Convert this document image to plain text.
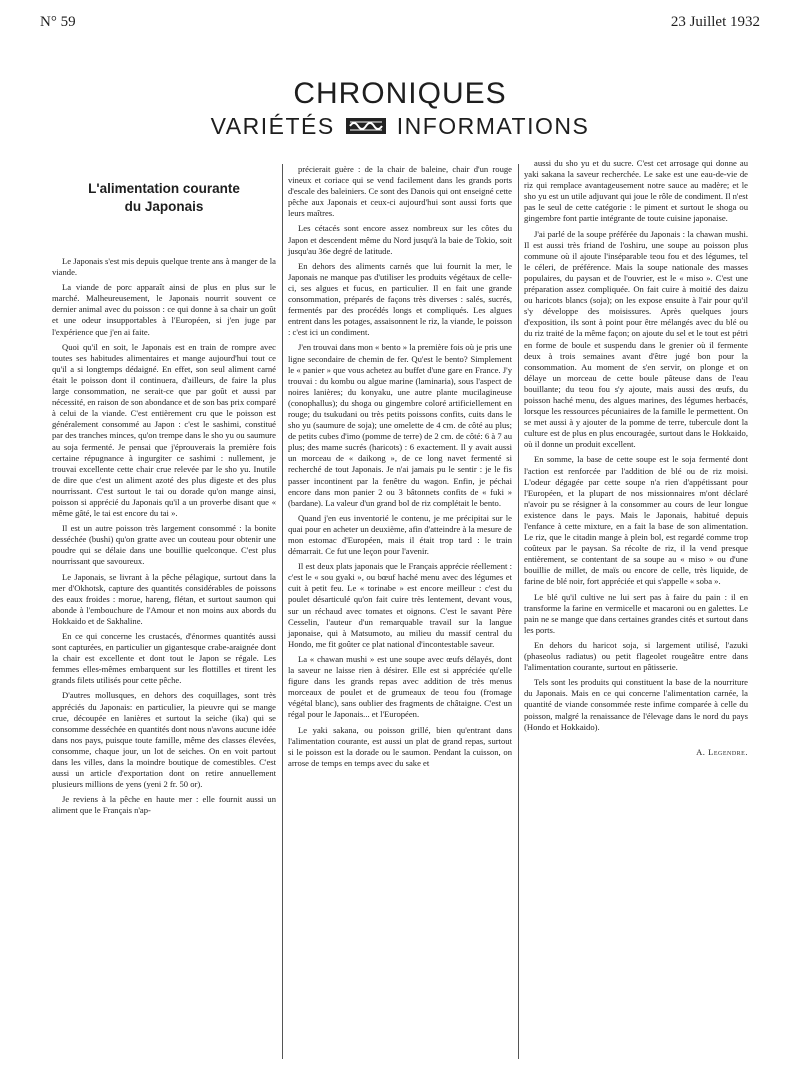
N° 59	23 Juillet 1932
CHRONIQUES
VARIÉTÉS	INFORMATIONS
L'alimentation courante
du Japonais

Le Japonais s'est mis depuis quelque trente ans à manger de la viande.

La viande de porc apparaît ainsi de plus en plus sur le marché. Malheureusement, le Japonais nourrit souvent ce dernier animal avec du poisson : ce qui donne à sa chair un goût et une odeur insupportables à l'Européen, si j'en juge par l'expérience que j'en ai faite.

Quoi qu'il en soit, le Japonais est en train de rompre avec toutes ses habitudes alimentaires et mange aujourd'hui tout ce qu'il a si longtemps dédaigné. En effet, son seul aliment carné était le poisson dont il continuera, d'ailleurs, de faire la plus large consommation, ne serait-ce que par goût et aussi par nécessité, en raison de son abondance et de son bas prix comparé à celui de la viande. C'est entièrement cru que le poisson est généralement consommé au Japon : c'est le sashimi, constitué par des tranches minces, qu'on trempe dans le sho yu ou saumure au soja fermenté. Je pensai que j'éprouverais la première fois certaine répugnance à ingurgiter ce sashimi : nullement, je trouvai excellente cette chair crue relevée par le sho yu. Inutile de dire que c'est un aliment azoté des plus digeste et des plus nourrissant. C'est surtout le tai ou dorade qu'on mange ainsi, poisson si apprécié du Japonais qu'il a un proverbe disant que « même gâté, le tai est encore du tai ».

Il est un autre poisson très largement consommé : la bonite desséchée (bushi) qu'on gratte avec un couteau pour obtenir une poudre qui se délaie dans une bouillie quelconque. C'est plus nourrissant que savoureux.

Le Japonais, se livrant à la pêche pélagique, surtout dans la mer d'Okhotsk, capture des quantités considérables de poissons des eaux froides : morue, hareng, flétan, et surtout saumon qui abonde à l'embouchure de l'Amour et non moins aux abords du Hokkaido et de Sakhaline.

En ce qui concerne les crustacés, d'énormes quantités aussi sont capturées, en particulier un gigantesque crabe-araignée dont la chair est excellente et dont tout le Japon se régale. Les femmes elles-mêmes embarquent sur les flottilles et tirent les grands filets utilisés pour cette pêche.

D'autres mollusques, en dehors des coquillages, sont très appréciés du Japonais: en particulier, la pieuvre qui se mange crue, découpée en lanières et surtout la seiche (ika) qui se consomme desséchée en quantités dont nous n'avons aucune idée dans nos pays, puisque toute famille, même des classes élevées, consomme, chaque jour, un lot de seiches. On en voit partout dans les villes, dans la moindre boutique de comestibles. C'est aussi un article d'exportation dont on retire annuellement plusieurs millions de yens (yeni 2 fr. 50 or).

Je reviens à la pêche en haute mer : elle fournit aussi un aliment que le Français n'ap-

précierait guère : de la chair de baleine, chair d'un rouge vineux et coriace qui se vend facilement dans les grands ports d'escale des baleiniers. Ce sont des Danois qui ont enseigné cette pêche aux Japonais et ceux-ci aujourd'hui sont aussi forts que leurs maîtres.

Les cétacés sont encore assez nombreux sur les côtes du Japon et descendent même du Nord jusqu'à la baie de Tokio, soit jusqu'au 36e degré de latitude.

En dehors des aliments carnés que lui fournit la mer, le Japonais ne manque pas d'utiliser les produits végétaux de celle-ci, ses algues et fucus, en particulier. Il en fait une grande consommation, préparés de façons très diverses : salés, sucrés, fermentés par des procédés longs et compliqués. Les algues entrent dans les potages, assaisonnent le riz, la viande, le poisson : c'est ici un condiment.

J'en trouvai dans mon « bento » la première fois où je pris une ligne secondaire de chemin de fer. Qu'est le bento? Simplement le « panier » que vous achetez au buffet d'une gare en France. J'y trouvai : du kombu ou algue marine (laminaria), sous l'aspect de noires lanières; du konyaku, une autre plante mucilagineuse (conophallus); du shoga ou gingembre coloré artificiellement en rouge; du tsukudani ou très petits poissons confits, cuits dans le sho yu (saumure de soja); une omelette de 4 cm. de côté au plus; de petits cubes d'imo (pomme de terre) de 2 cm. de côté: 6 à 7 au plus; des mame sucrés (haricots) : 6 exactement. Il y avait aussi un morceau de « daikong », de ce long navet fermenté si recherché de tout Japonais. Je n'ai jamais pu le sentir : je le fis passer incontinent par la fenêtre du wagon. Enfin, je péchai encore dans mon panier 2 ou 3 bâtonnets confits de « fuki » (bardane). La valeur d'un grand bol de riz complétait le bento.

Quand j'en eus inventorié le contenu, je me précipitai sur le quai pour en acheter un deuxième, afin d'atteindre à la mesure de mon estomac d'Européen, mais il était trop tard : le train démarrait. Ce fut une leçon pour l'avenir.

Il est deux plats japonais que le Français apprécie réellement : c'est le « sou gyaki », ou bœuf haché menu avec des légumes et cuit à petit feu. Le « torinabe » est encore meilleur : c'est du poulet désarticulé qu'on fait cuire très lentement, devant vous, sur un réchaud avec tomates et oignons. C'est le savant Père Cesselin, l'auteur d'un remarquable travail sur la langue japonaise, qui à Matsumoto, au milieu du massif central du Hondo, me fit goûter ce plat national d'incontestable saveur.

La « chawan mushi » est une soupe avec œufs délayés, dont la saveur ne laisse rien à désirer. Elle est si appréciée qu'elle figure dans les grands repas avec addition de très menus morceaux de poulet et de grumeaux de teou fou (fromage végétal blanc), sans oublier des fragments de châtaigne. C'est un régal pour le Japonais... et l'Européen.

Le yaki sakana, ou poisson grillé, bien qu'entrant dans l'alimentation courante, est aussi un plat de grand repas, surtout si le poisson est la dorade ou le saumon. Pendant la cuisson, on arrose de temps en temps avec du sake et

aussi du sho yu et du sucre. C'est cet arrosage qui donne au yaki sakana la saveur recherchée. Le sake est une eau-de-vie de riz qui remplace avantageusement notre sauce au madère; et le sho yu est un utile adjuvant qui joue le rôle de condiment. Il n'est pas le seul de cette catégorie : le piment et surtout le shoga ou gingembre font partie intégrante de toute cuisine japonaise.

J'ai parlé de la soupe préférée du Japonais : la chawan mushi. Il est aussi très friand de l'oshiru, une soupe au poisson plus commune où il ajoute l'inséparable teou fou et des légumes, tel le céleri, de préférence. Mais la soupe nationale des masses populaires, du paysan et de l'ouvrier, est le « miso ». C'est une préparation assez compliquée. On fait cuire à moitié des daizu ou haricots blancs (soja); on les expose ensuite à l'air pour qu'il s'y développe des moisissures. Après quelques jours d'exposition, ils sont à point pour être mélangés avec du blé ou du riz traité de la même façon; on ajoute du sel et le tout est pétri en forme de boule et suspendu dans le grenier où il fermente deux à trois semaines avant d'être jugé bon pour la consommation. Au moment de s'en servir, on plonge et on délaye un morceau de cette boule pâteuse dans de l'eau bouillante; du teou fou s'y ajoute, mais aussi des œufs, du poisson haché menu, des algues marines, des légumes herbacés, lorsque les ressources pécuniaires de la famille le permettent. On se met aussi à y ajouter de la pomme de terre, tubercule dont la culture est de plus en plus encouragée, surtout dans le Hokkaido, où il donne un produit excellent.

En somme, la base de cette soupe est le soja fermenté dont l'action est renforcée par l'addition de blé ou de riz moisi. L'odeur dégagée par cette soupe n'a rien d'appétissant pour l'Européen, et la plupart de nos missionnaires m'ont déclaré n'avoir pu se résigner à la consommer au cours de leur longue existence dans le pays. Mais le Japonais, habitué depuis l'enfance à cette mixture, en a fait la base de son alimentation. Le riz, que le citadin mange à plein bol, est regardé comme trop coûteux par le paysan. Sa récolte de riz, il la vend presque entièrement, se contentant de sa soupe au « miso » ou d'une bouillie de millet, de maïs ou encore de celle, très liquide, de farine de blé noir, fort appréciée et qui s'appelle « soba ».

Le blé qu'il cultive ne lui sert pas à faire du pain : il en transforme la farine en vermicelle et macaroni ou en galettes. Le pain ne se mange que dans certaines grandes cités et surtout dans les ports.

En dehors du haricot soja, si largement utilisé, l'azuki (phaseolus radiatus) ou petit flageolet rougeâtre entre dans l'alimentation courante, surtout en pâtisserie.

Tels sont les produits qui constituent la base de la nourriture du Japonais. Mais en ce qui concerne l'alimentation carnée, la quantité de viande consommée reste infime comparée à celle du poisson, malgré la renaissance de l'élevage dans le nord du pays (Hondo et Hokkaido).

A. Legendre.
